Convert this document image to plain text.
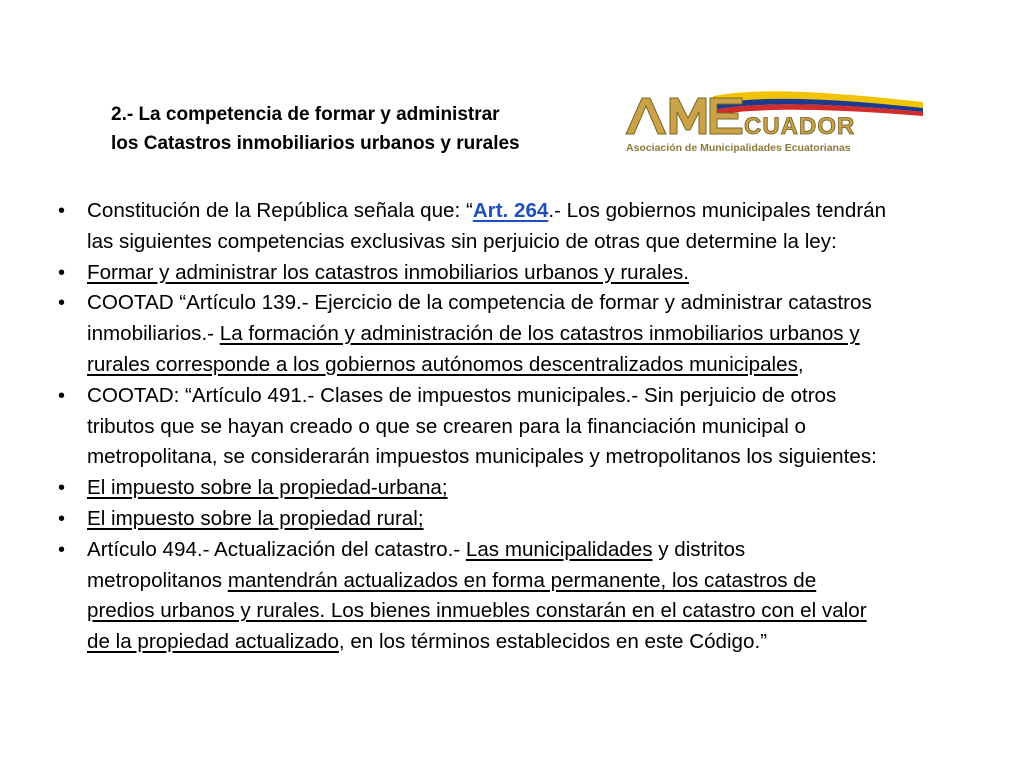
2.- La competencia de formar y administrar
los Catastros inmobiliarios urbanos y rurales
CUADOR
Asociación de Municipalidades Ecuatorianas
• Constitución de la República señala que: “Art. 264.- Los gobiernos municipales tendrán
las siguientes competencias exclusivas sin perjuicio de otras que determine la ley:
• Formar y administrar los catastros inmobiliarios urbanos y rurales.
• COOTAD “Artículo 139.- Ejercicio de la competencia de formar y administrar catastros
inmobiliarios.- La formación y administración de los catastros inmobiliarios urbanos y
rurales corresponde a los gobiernos autónomos descentralizados municipales,
• COOTAD: “Artículo 491.- Clases de impuestos municipales.- Sin perjuicio de otros
tributos que se hayan creado o que se crearen para la financiación municipal o
metropolitana, se considerarán impuestos municipales y metropolitanos los siguientes:
• El impuesto sobre la propiedad-urbana;
• El impuesto sobre la propiedad rural;
• Artículo 494.- Actualización del catastro.- Las municipalidades y distritos
metropolitanos mantendrán actualizados en forma permanente, los catastros de
predios urbanos y rurales. Los bienes inmuebles constarán en el catastro con el valor
de la propiedad actualizado, en los términos establecidos en este Código.”
